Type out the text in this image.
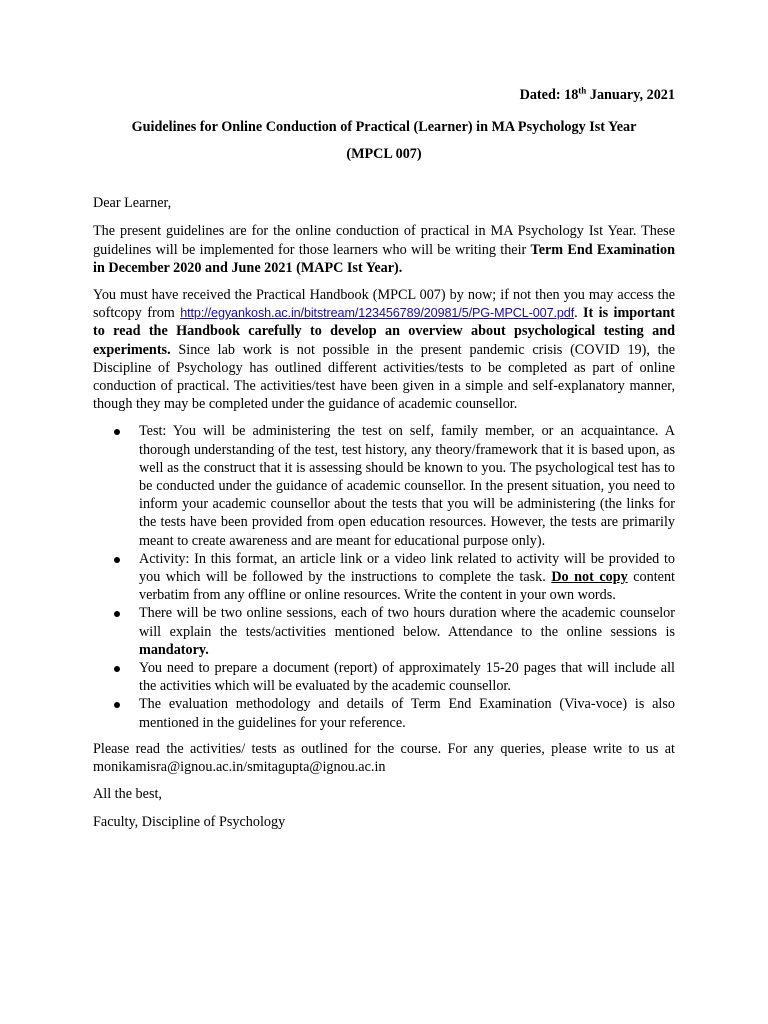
Dated: 18th January, 2021

Guidelines for Online Conduction of Practical (Learner) in MA Psychology Ist Year

(MPCL 007)

Dear Learner,

The present guidelines are for the online conduction of practical in MA Psychology Ist Year. These guidelines will be implemented for those learners who will be writing their Term End Examination in December 2020 and June 2021 (MAPC Ist Year).

You must have received the Practical Handbook (MPCL 007) by now; if not then you may access the softcopy from http://egyankosh.ac.in/bitstream/123456789/20981/5/PG-MPCL-007.pdf. It is important to read the Handbook carefully to develop an overview about psychological testing and experiments. Since lab work is not possible in the present pandemic crisis (COVID 19), the Discipline of Psychology has outlined different activities/tests to be completed as part of online conduction of practical. The activities/test have been given in a simple and self-explanatory manner, though they may be completed under the guidance of academic counsellor.

Test: You will be administering the test on self, family member, or an acquaintance. A thorough understanding of the test, test history, any theory/framework that it is based upon, as well as the construct that it is assessing should be known to you. The psychological test has to be conducted under the guidance of academic counsellor. In the present situation, you need to inform your academic counsellor about the tests that you will be administering (the links for the tests have been provided from open education resources. However, the tests are primarily meant to create awareness and are meant for educational purpose only).
Activity: In this format, an article link or a video link related to activity will be provided to you which will be followed by the instructions to complete the task. Do not copy content verbatim from any offline or online resources. Write the content in your own words.
There will be two online sessions, each of two hours duration where the academic counselor will explain the tests/activities mentioned below. Attendance to the online sessions is mandatory.
You need to prepare a document (report) of approximately 15-20 pages that will include all the activities which will be evaluated by the academic counsellor.
The evaluation methodology and details of Term End Examination (Viva-voce) is also mentioned in the guidelines for your reference.

Please read the activities/ tests as outlined for the course. For any queries, please write to us at monikamisra@ignou.ac.in/smitagupta@ignou.ac.in

All the best,

Faculty, Discipline of Psychology
